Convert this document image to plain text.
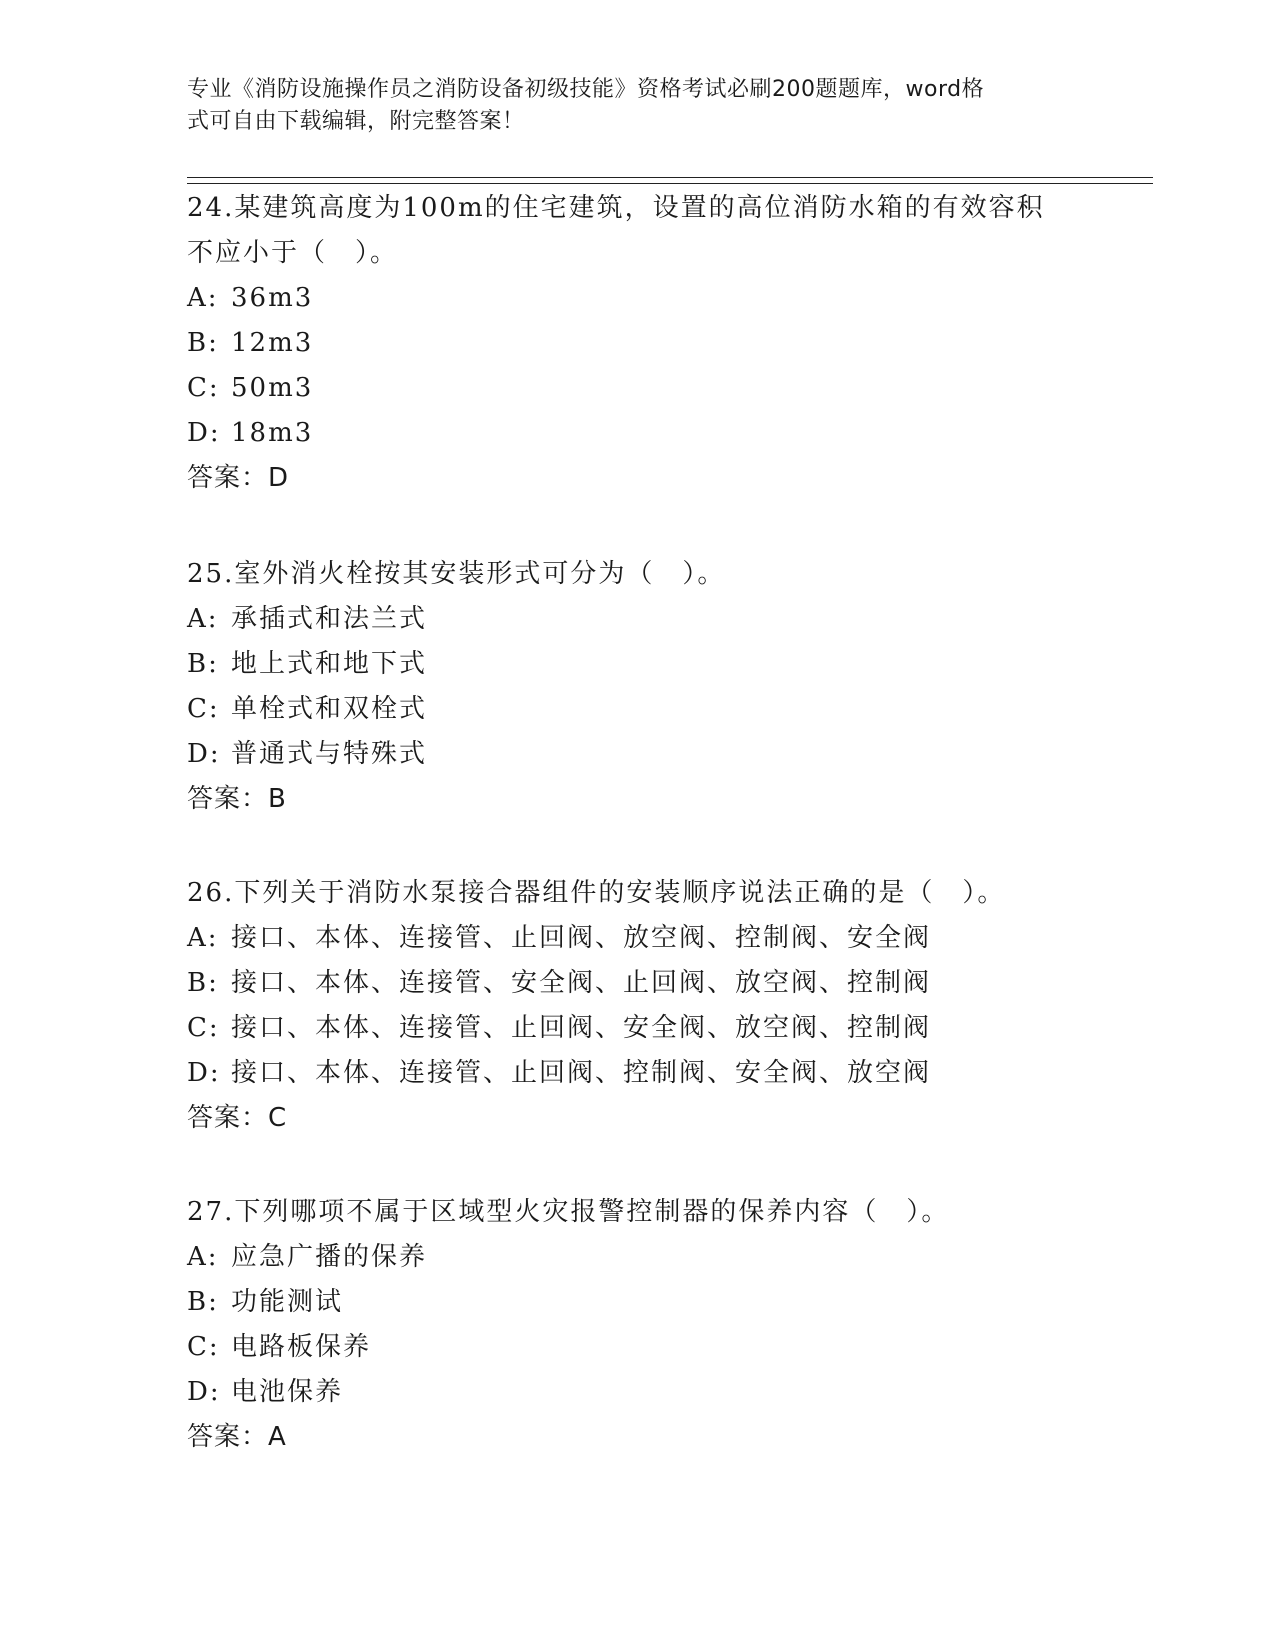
专业《消防设施操作员之消防设备初级技能》资格考试必刷200题题库，word格
式可自由下载编辑，附完整答案！

24.某建筑高度为100m的住宅建筑，设置的高位消防水箱的有效容积

不应小于（　）。

A: 36m3

B: 12m3

C: 50m3

D: 18m3

答案：D

25.室外消火栓按其安装形式可分为（　）。

A: 承插式和法兰式

B: 地上式和地下式

C: 单栓式和双栓式

D: 普通式与特殊式

答案：B

26.下列关于消防水泵接合器组件的安装顺序说法正确的是（　）。

A: 接口、本体、连接管、止回阀、放空阀、控制阀、安全阀

B: 接口、本体、连接管、安全阀、止回阀、放空阀、控制阀

C: 接口、本体、连接管、止回阀、安全阀、放空阀、控制阀

D: 接口、本体、连接管、止回阀、控制阀、安全阀、放空阀

答案：C

27.下列哪项不属于区域型火灾报警控制器的保养内容（　）。

A: 应急广播的保养

B: 功能测试

C: 电路板保养

D: 电池保养

答案：A
